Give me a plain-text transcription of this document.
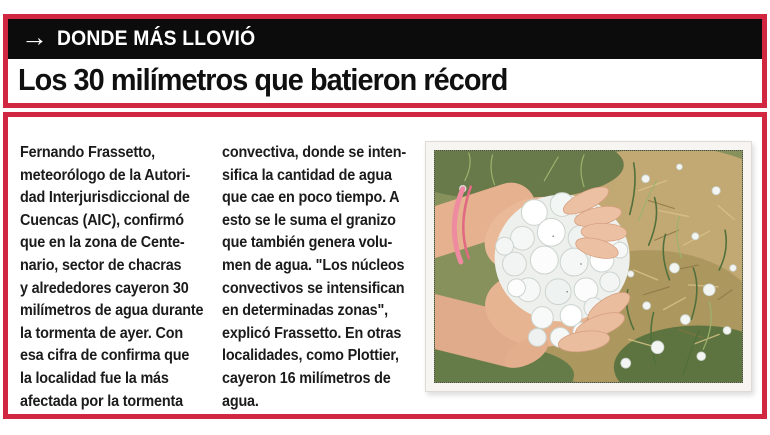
→ DONDE MÁS LLOVIÓ
Los 30 milímetros que batieron récord
Fernando Frassetto,
meteorólogo de la Autori-
dad Interjurisdiccional de
Cuencas (AIC), confirmó
que en la zona de Cente-
nario, sector de chacras
y alrededores cayeron 30
milímetros de agua durante
la tormenta de ayer. Con
esa cifra de confirma que
la localidad fue la más
afectada por la tormenta
convectiva, donde se inten-
sifica la cantidad de agua
que cae en poco tiempo. A
esto se le suma el granizo
que también genera volu-
men de agua. "Los núcleos
convectivos se intensifican
en determinadas zonas",
explicó Frassetto. En otras
localidades, como Plottier,
cayeron 16 milímetros de
agua.
